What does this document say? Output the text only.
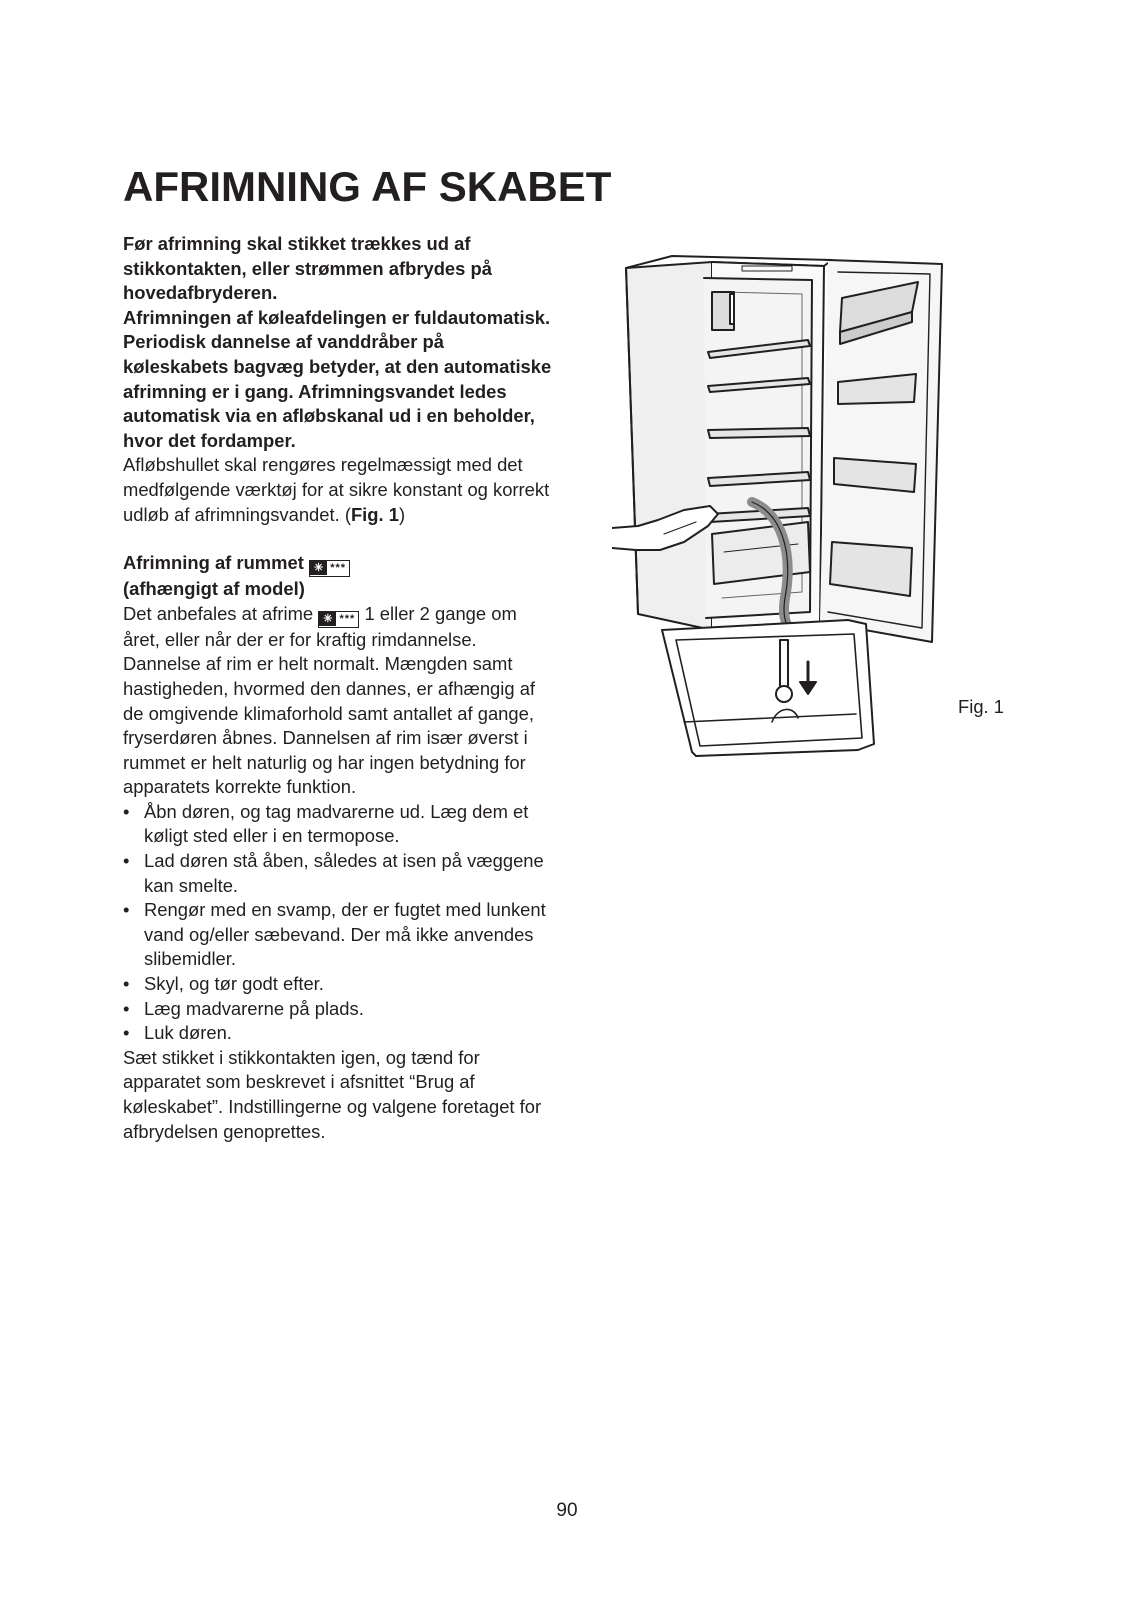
AFRIMNING AF SKABET

Før afrimning skal stikket trækkes ud af stikkontakten, eller strømmen afbrydes på hovedafbryderen.

Afrimningen af køleafdelingen er fuldautomatisk. Periodisk dannelse af vanddråber på køleskabets bagvæg betyder, at den automatiske afrimning er i gang. Afrimningsvandet ledes automatisk via en afløbskanal ud i en beholder, hvor det fordamper.

Afløbshullet skal rengøres regelmæssigt med det medfølgende værktøj for at sikre konstant og korrekt udløb af afrimningsvandet. (Fig. 1)

Afrimning af rummet ✳ ***

(afhængigt af model)

Det anbefales at afrime ✳ *** 1 eller 2 gange om året, eller når der er for kraftig rimdannelse. Dannelse af rim er helt normalt. Mængden samt hastigheden, hvormed den dannes, er afhængig af de omgivende klimaforhold samt antallet af gange, fryserdøren åbnes. Dannelsen af rim især øverst i rummet er helt naturlig og har ingen betydning for apparatets korrekte funktion.

• Åbn døren, og tag madvarerne ud. Læg dem et køligt sted eller i en termopose.
• Lad døren stå åben, således at isen på væggene kan smelte.
• Rengør med en svamp, der er fugtet med lunkent vand og/eller sæbevand. Der må ikke anvendes slibemidler.
• Skyl, og tør godt efter.
• Læg madvarerne på plads.
• Luk døren.

Sæt stikket i stikkontakten igen, og tænd for apparatet som beskrevet i afsnittet “Brug af køleskabet”. Indstillingerne og valgene foretaget for afbrydelsen genoprettes.

Fig. 1
90
